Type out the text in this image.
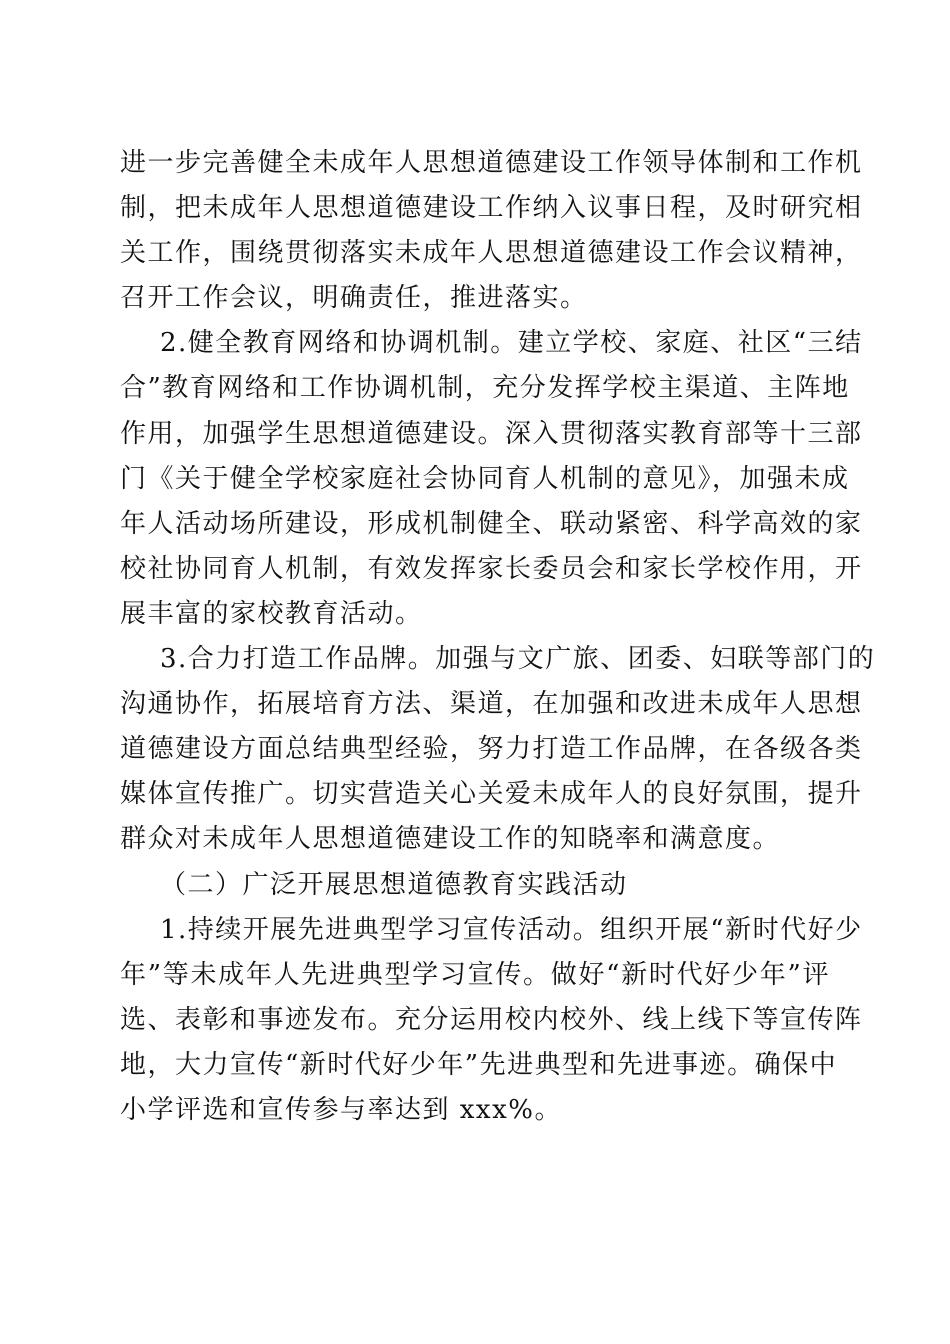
进一步完善健全未成年人思想道德建设工作领导体制和工作机
制，把未成年人思想道德建设工作纳入议事日程，及时研究相
关工作，围绕贯彻落实未成年人思想道德建设工作会议精神，
召开工作会议，明确责任，推进落实。
2.健全教育网络和协调机制。建立学校、家庭、社区“三结
合”教育网络和工作协调机制，充分发挥学校主渠道、主阵地
作用，加强学生思想道德建设。深入贯彻落实教育部等十三部
门《关于健全学校家庭社会协同育人机制的意见》，加强未成
年人活动场所建设，形成机制健全、联动紧密、科学高效的家
校社协同育人机制，有效发挥家长委员会和家长学校作用，开
展丰富的家校教育活动。
3.合力打造工作品牌。加强与文广旅、团委、妇联等部门的
沟通协作，拓展培育方法、渠道，在加强和改进未成年人思想
道德建设方面总结典型经验，努力打造工作品牌，在各级各类
媒体宣传推广。切实营造关心关爱未成年人的良好氛围，提升
群众对未成年人思想道德建设工作的知晓率和满意度。
（二）广泛开展思想道德教育实践活动
1.持续开展先进典型学习宣传活动。组织开展“新时代好少
年”等未成年人先进典型学习宣传。做好“新时代好少年”评
选、表彰和事迹发布。充分运用校内校外、线上线下等宣传阵
地，大力宣传“新时代好少年”先进典型和先进事迹。确保中
小学评选和宣传参与率达到 xxx%。
